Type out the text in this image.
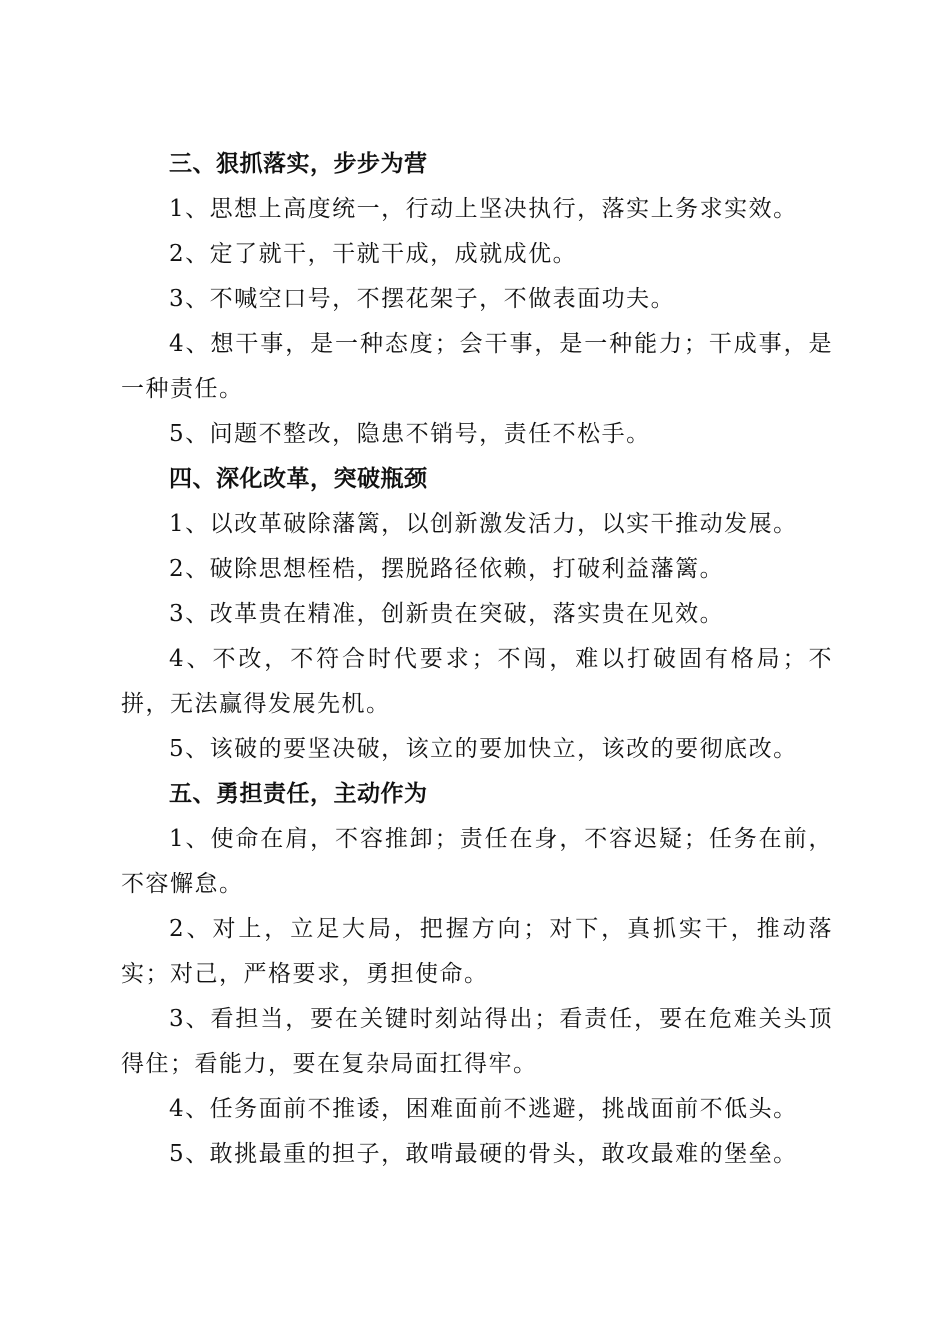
三、狠抓落实，步步为营
1、思想上高度统一，行动上坚决执行，落实上务求实效。
2、定了就干，干就干成，成就成优。
3、不喊空口号，不摆花架子，不做表面功夫。
4、想干事，是一种态度；会干事，是一种能力；干成事，是一种责任。
5、问题不整改，隐患不销号，责任不松手。
四、深化改革，突破瓶颈
1、以改革破除藩篱，以创新激发活力，以实干推动发展。
2、破除思想桎梏，摆脱路径依赖，打破利益藩篱。
3、改革贵在精准，创新贵在突破，落实贵在见效。
4、不改，不符合时代要求；不闯，难以打破固有格局；不拼，无法赢得发展先机。
5、该破的要坚决破，该立的要加快立，该改的要彻底改。
五、勇担责任，主动作为
1、使命在肩，不容推卸；责任在身，不容迟疑；任务在前，不容懈怠。
2、对上，立足大局，把握方向；对下，真抓实干，推动落实；对己，严格要求，勇担使命。
3、看担当，要在关键时刻站得出；看责任，要在危难关头顶得住；看能力，要在复杂局面扛得牢。
4、任务面前不推诿，困难面前不逃避，挑战面前不低头。
5、敢挑最重的担子，敢啃最硬的骨头，敢攻最难的堡垒。
